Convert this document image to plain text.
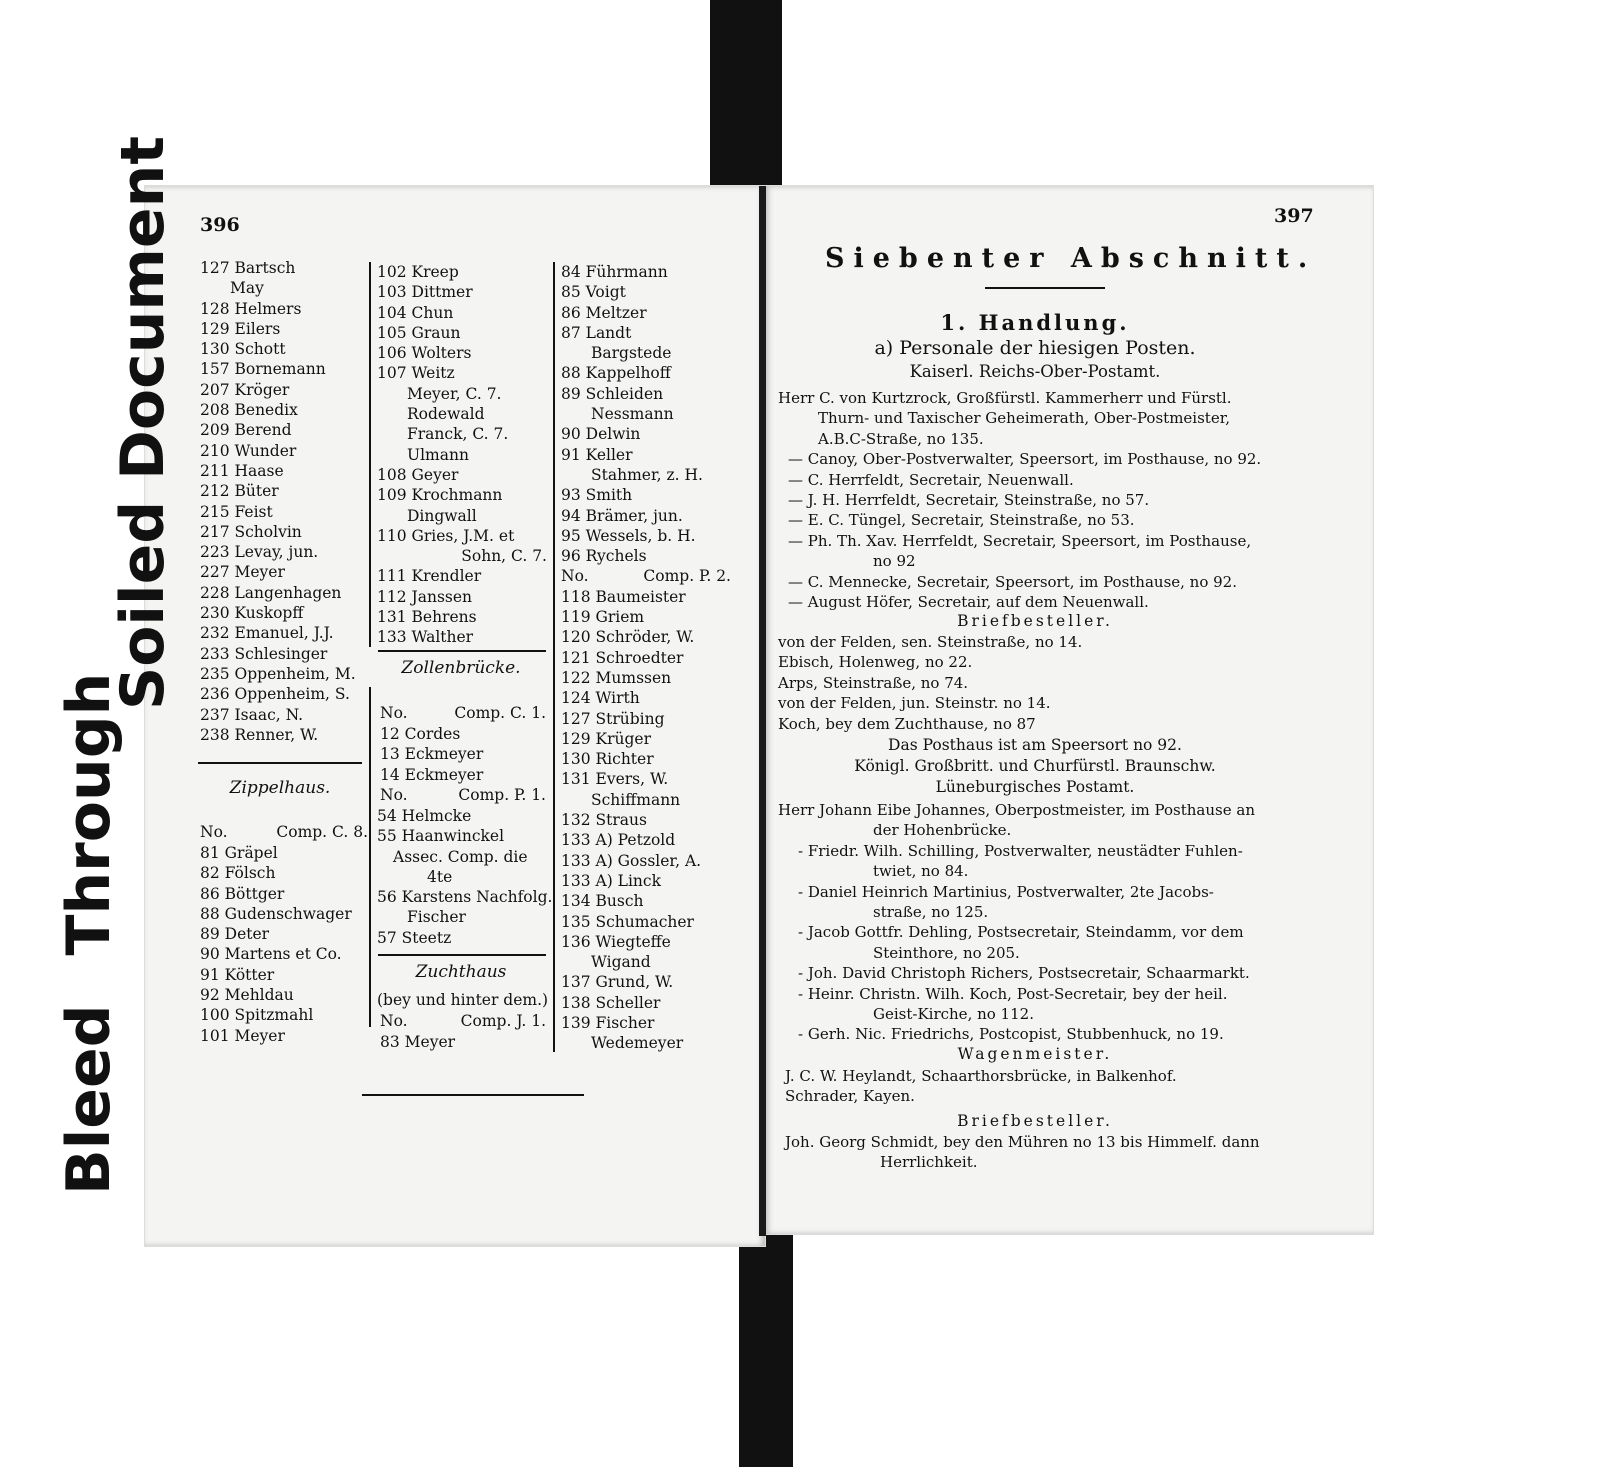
Soiled Document
Bleed Through
396
127 Bartsch
May
128 Helmers
129 Eilers
130 Schott
157 Bornemann
207 Kröger
208 Benedix
209 Berend
210 Wunder
211 Haase
212 Büter
215 Feist
217 Scholvin
223 Levay, jun.
227 Meyer
228 Langenhagen
230 Kuskopff
232 Emanuel, J.J.
233 Schlesinger
235 Oppenheim, M.
236 Oppenheim, S.
237 Isaac, N.
238 Renner, W.
Zippelhaus.
No.	Comp. C. 8.
81 Gräpel
82 Fölsch
86 Böttger
88 Gudenschwager
89 Deter
90 Martens et Co.
91 Kötter
92 Mehldau
100 Spitzmahl
101 Meyer
102 Kreep
103 Dittmer
104 Chun
105 Graun
106 Wolters
107 Weitz
Meyer, C. 7.
Rodewald
Franck, C. 7.
Ulmann
108 Geyer
109 Krochmann
Dingwall
110 Gries, J.M. et
Sohn, C. 7.
111 Krendler
112 Janssen
131 Behrens
133 Walther
Zollenbrücke.
No.	Comp. C. 1.
12 Cordes
13 Eckmeyer
14 Eckmeyer
No.	Comp. P. 1.
54 Helmcke
55 Haanwinckel
Assec. Comp. die
4te
56 Karstens Nachfolg.
Fischer
57 Steetz
Zuchthaus
(bey und hinter dem.)
No.	Comp. J. 1.
83 Meyer
84 Führmann
85 Voigt
86 Meltzer
87 Landt
Bargstede
88 Kappelhoff
89 Schleiden
Nessmann
90 Delwin
91 Keller
Stahmer, z. H.
93 Smith
94 Brämer, jun.
95 Wessels, b. H.
96 Rychels
No.	Comp. P. 2.
118 Baumeister
119 Griem
120 Schröder, W.
121 Schroedter
122 Mumssen
124 Wirth
127 Strübing
129 Krüger
130 Richter
131 Evers, W.
Schiffmann
132 Straus
133 A) Petzold
133 A) Gossler, A.
133 A) Linck
134 Busch
135 Schumacher
136 Wiegteffe
Wigand
137 Grund, W.
138 Scheller
139 Fischer
Wedemeyer
397
Siebenter Abschnitt.
1. Handlung.
a) Personale der hiesigen Posten.
Kaiserl. Reichs-Ober-Postamt.
Herr C. von Kurtzrock, Großfürstl. Kammerherr und Fürstl.
Thurn- und Taxischer Geheimerath, Ober-Postmeister,
A.B.C-Straße, no 135.
— Canoy, Ober-Postverwalter, Speersort, im Posthause, no 92.
— C. Herrfeldt, Secretair, Neuenwall.
— J. H. Herrfeldt, Secretair, Steinstraße, no 57.
— E. C. Tüngel, Secretair, Steinstraße, no 53.
— Ph. Th. Xav. Herrfeldt, Secretair, Speersort, im Posthause,
no 92
— C. Mennecke, Secretair, Speersort, im Posthause, no 92.
— August Höfer, Secretair, auf dem Neuenwall.
Briefbesteller.
von der Felden, sen. Steinstraße, no 14.
Ebisch, Holenweg, no 22.
Arps, Steinstraße, no 74.
von der Felden, jun. Steinstr. no 14.
Koch, bey dem Zuchthause, no 87
Das Posthaus ist am Speersort no 92.
Königl. Großbritt. und Churfürstl. Braunschw.
Lüneburgisches Postamt.
Herr Johann Eibe Johannes, Oberpostmeister, im Posthause an
der Hohenbrücke.
- Friedr. Wilh. Schilling, Postverwalter, neustädter Fuhlen-
twiet, no 84.
- Daniel Heinrich Martinius, Postverwalter, 2te Jacobs-
straße, no 125.
- Jacob Gottfr. Dehling, Postsecretair, Steindamm, vor dem
Steinthore, no 205.
- Joh. David Christoph Richers, Postsecretair, Schaarmarkt.
- Heinr. Christn. Wilh. Koch, Post-Secretair, bey der heil.
Geist-Kirche, no 112.
- Gerh. Nic. Friedrichs, Postcopist, Stubbenhuck, no 19.
Wagenmeister.
J. C. W. Heylandt, Schaarthorsbrücke, in Balkenhof.
Schrader, Kayen.
Briefbesteller.
Joh. Georg Schmidt, bey den Mühren no 13 bis Himmelf. dann
Herrlichkeit.
